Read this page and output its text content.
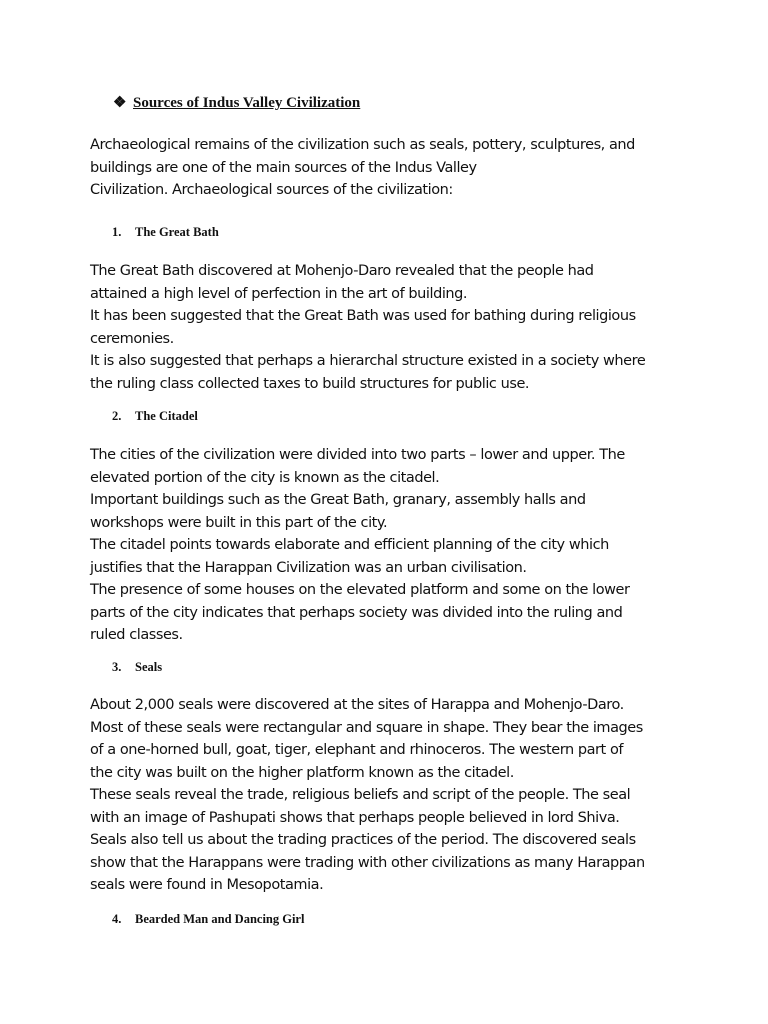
❖ Sources of Indus Valley Civilization

Archaeological remains of the civilization such as seals, pottery, sculptures, and
buildings are one of the main sources of the Indus Valley
Civilization. Archaeological sources of the civilization:

1. The Great Bath

The Great Bath discovered at Mohenjo-Daro revealed that the people had
attained a high level of perfection in the art of building.
It has been suggested that the Great Bath was used for bathing during religious
ceremonies.
It is also suggested that perhaps a hierarchal structure existed in a society where
the ruling class collected taxes to build structures for public use.

2. The Citadel

The cities of the civilization were divided into two parts – lower and upper. The
elevated portion of the city is known as the citadel.
Important buildings such as the Great Bath, granary, assembly halls and
workshops were built in this part of the city.
The citadel points towards elaborate and efficient planning of the city which
justifies that the Harappan Civilization was an urban civilisation.
The presence of some houses on the elevated platform and some on the lower
parts of the city indicates that perhaps society was divided into the ruling and
ruled classes.

3. Seals

About 2,000 seals were discovered at the sites of Harappa and Mohenjo-Daro.
Most of these seals were rectangular and square in shape. They bear the images
of a one-horned bull, goat, tiger, elephant and rhinoceros. The western part of
the city was built on the higher platform known as the citadel.
These seals reveal the trade, religious beliefs and script of the people. The seal
with an image of Pashupati shows that perhaps people believed in lord Shiva.
Seals also tell us about the trading practices of the period. The discovered seals
show that the Harappans were trading with other civilizations as many Harappan
seals were found in Mesopotamia.

4. Bearded Man and Dancing Girl
